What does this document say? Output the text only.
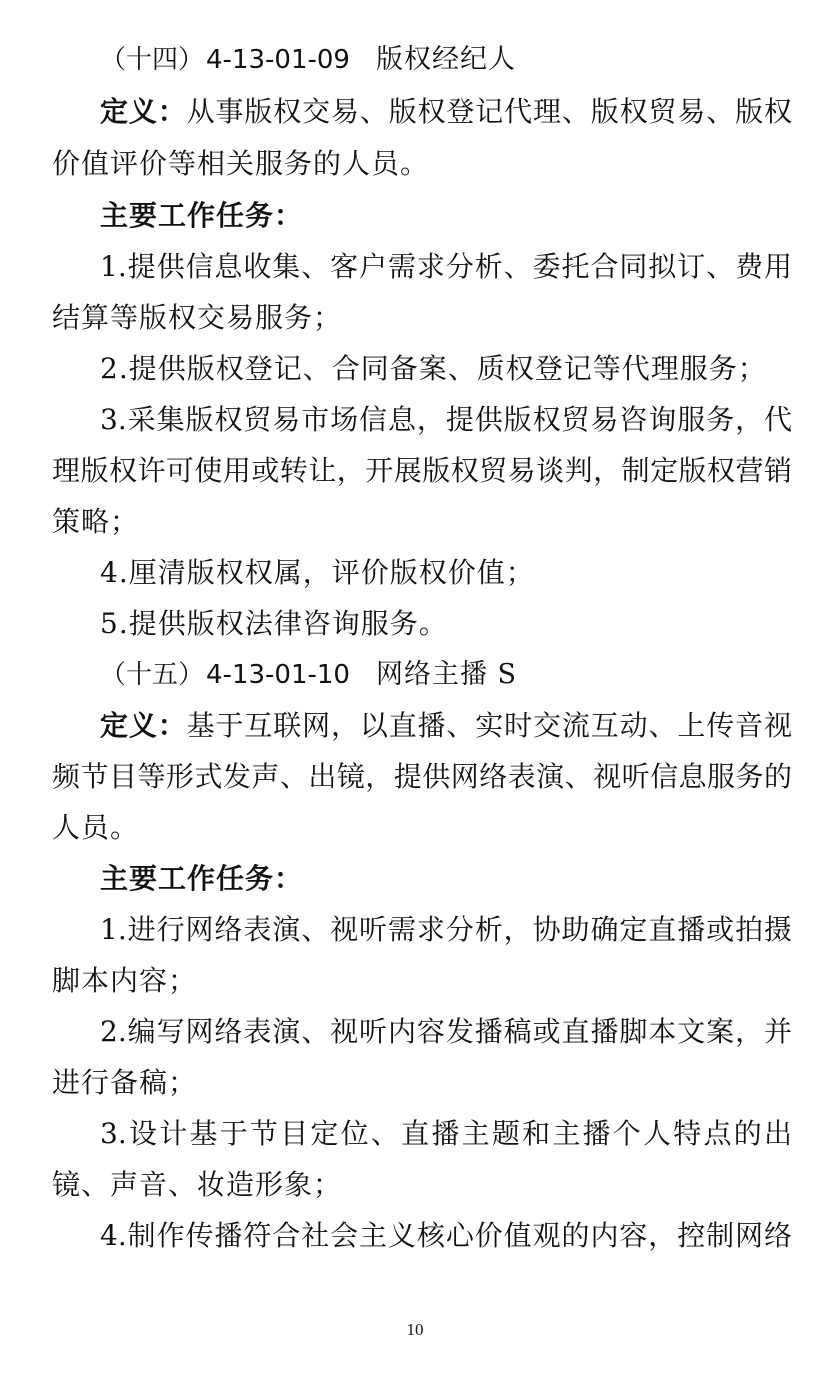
（十四）4-13-01-09 版权经纪人
定义：从事版权交易、版权登记代理、版权贸易、版权
价值评价等相关服务的人员。
主要工作任务：
1.提供信息收集、客户需求分析、委托合同拟订、费用
结算等版权交易服务；
2.提供版权登记、合同备案、质权登记等代理服务；
3.采集版权贸易市场信息，提供版权贸易咨询服务，代
理版权许可使用或转让，开展版权贸易谈判，制定版权营销
策略；
4.厘清版权权属，评价版权价值；
5.提供版权法律咨询服务。
（十五）4-13-01-10 网络主播 S
定义：基于互联网，以直播、实时交流互动、上传音视
频节目等形式发声、出镜，提供网络表演、视听信息服务的
人员。
主要工作任务：
1.进行网络表演、视听需求分析，协助确定直播或拍摄
脚本内容；
2.编写网络表演、视听内容发播稿或直播脚本文案，并
进行备稿；
3.设计基于节目定位、直播主题和主播个人特点的出
镜、声音、妆造形象；
4.制作传播符合社会主义核心价值观的内容，控制网络
10
